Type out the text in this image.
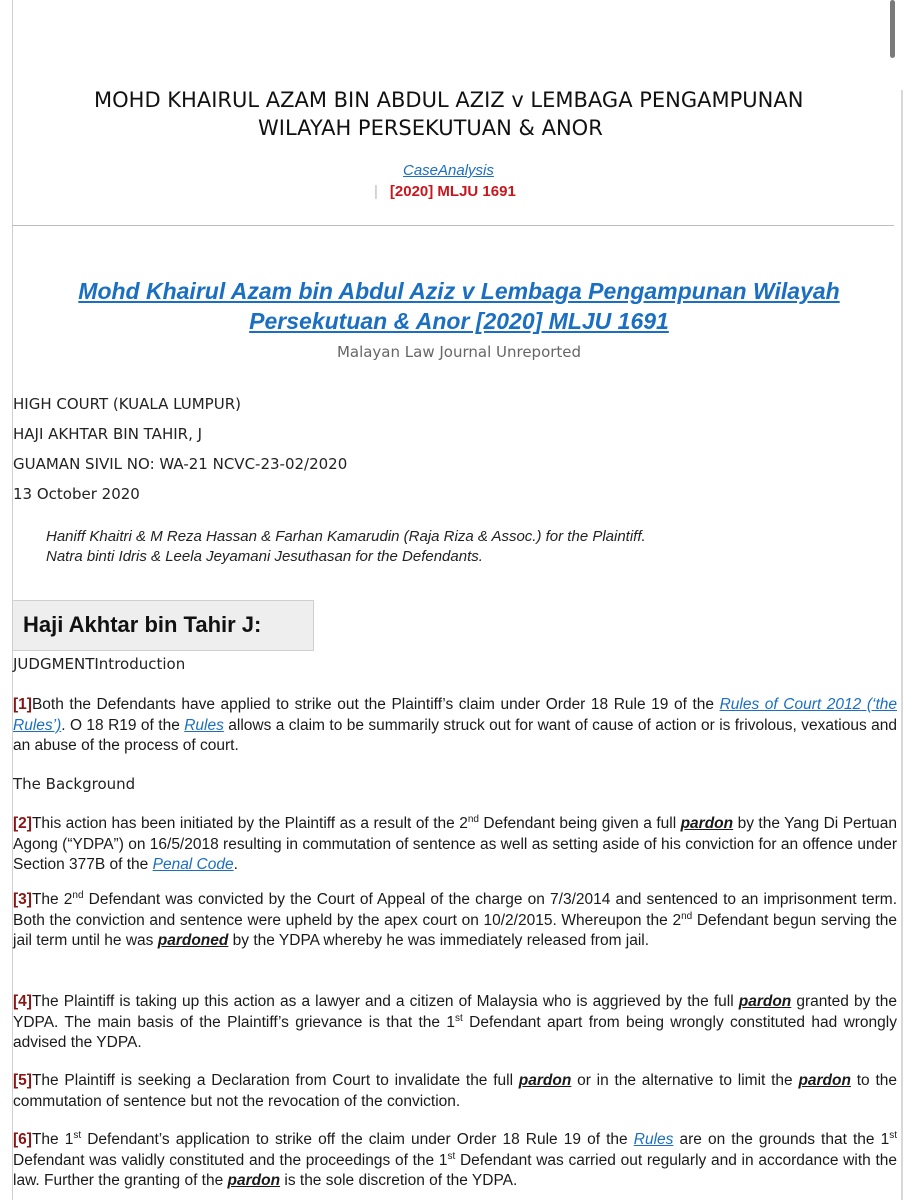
MOHD KHAIRUL AZAM BIN ABDUL AZIZ v LEMBAGA PENGAMPUNAN
WILAYAH PERSEKUTUAN & ANOR
CaseAnalysis
| [2020] MLJU 1691
Mohd Khairul Azam bin Abdul Aziz v Lembaga Pengampunan Wilayah
Persekutuan & Anor [2020] MLJU 1691
Malayan Law Journal Unreported
HIGH COURT (KUALA LUMPUR)
HAJI AKHTAR BIN TAHIR, J
GUAMAN SIVIL NO: WA-21 NCVC-23-02/2020
13 October 2020
Haniff Khaitri & M Reza Hassan & Farhan Kamarudin (Raja Riza & Assoc.) for the Plaintiff.
Natra binti Idris & Leela Jeyamani Jesuthasan for the Defendants.
Haji Akhtar bin Tahir J:
JUDGMENTIntroduction

[1]Both the Defendants have applied to strike out the Plaintiff’s claim under Order 18 Rule 19 of the Rules of Court 2012 (‘the Rules’). O 18 R19 of the Rules allows a claim to be summarily struck out for want of cause of action or is frivolous, vexatious and an abuse of the process of court.

The Background

[2]This action has been initiated by the Plaintiff as a result of the 2nd Defendant being given a full pardon by the Yang Di Pertuan Agong (“YDPA”) on 16/5/2018 resulting in commutation of sentence as well as setting aside of his conviction for an offence under Section 377B of the Penal Code.

[3]The 2nd Defendant was convicted by the Court of Appeal of the charge on 7/3/2014 and sentenced to an imprisonment term. Both the conviction and sentence were upheld by the apex court on 10/2/2015. Whereupon the 2nd Defendant begun serving the jail term until he was pardoned by the YDPA whereby he was immediately released from jail.

[4]The Plaintiff is taking up this action as a lawyer and a citizen of Malaysia who is aggrieved by the full pardon granted by the YDPA. The main basis of the Plaintiff’s grievance is that the 1st Defendant apart from being wrongly constituted had wrongly advised the YDPA.

[5]The Plaintiff is seeking a Declaration from Court to invalidate the full pardon or in the alternative to limit the pardon to the commutation of sentence but not the revocation of the conviction.

[6]The 1st Defendant’s application to strike off the claim under Order 18 Rule 19 of the Rules are on the grounds that the 1st Defendant was validly constituted and the proceedings of the 1st Defendant was carried out regularly and in accordance with the law. Further the granting of the pardon is the sole discretion of the YDPA.
